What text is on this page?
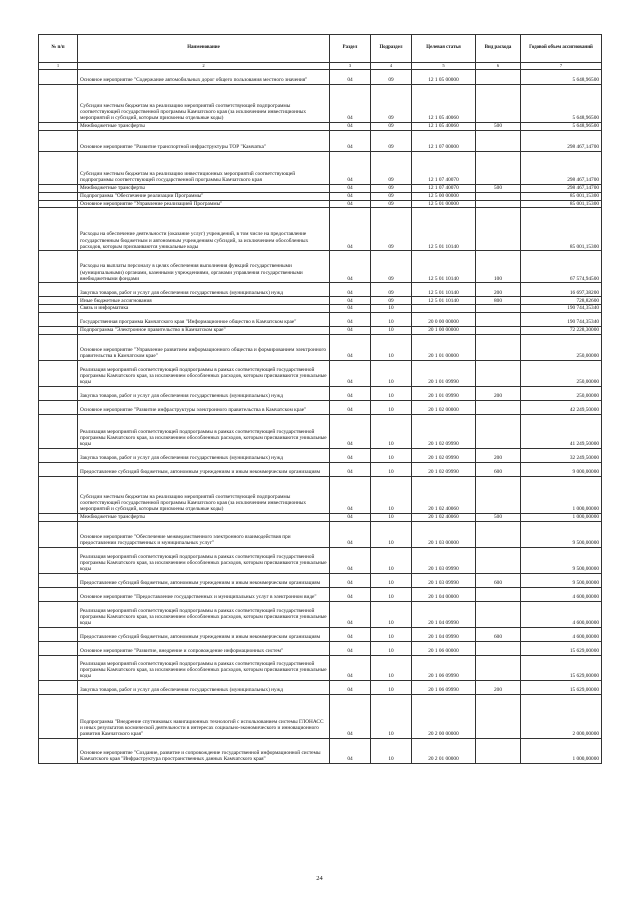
№ п/п	Наименование	Раздел	Подраздел	Целевая статья	Вид расхода	Годовой объем ассигнований
1	2	3	4	5	6	7
	Основное мероприятие "Содержание автомобильных дорог общего пользования местного значения"	04	09	12 1 05 00000		5 648,96500
	Субсидии местным бюджетам на реализацию мероприятий соответствующей подпрограммы соответствующей государственной программы Камчатского края (за исключением инвестиционных мероприятий и субсидий, которым присвоены отдельные коды)	04	09	12 1 05 40060		5 648,96500
	Межбюджетные трансферты	04	09	12 1 05 40060	500	5 648,96500
	Основное мероприятие "Развитие транспортной инфраструктуры ТОР "Камчатка"	04	09	12 1 07 00000		298 467,14700
	Субсидии местным бюджетам на реализацию инвестиционных мероприятий соответствующей подпрограммы соответствующей государственной программы Камчатского края	04	09	12 1 07 40070		298 467,14700
	Межбюджетные трансферты	04	09	12 1 07 40070	500	298 467,14700
	Подпрограмма "Обеспечение реализации Программы"	04	09	12 5 00 00000		85 001,15300
	Основное мероприятие "Управление реализацией Программы"	04	09	12 5 01 00000		85 001,15300
	Расходы на обеспечение деятельности (оказание услуг) учреждений, в том числе на предоставление государственным бюджетным и автономным учреждениям субсидий, за исключением обособленных расходов, которым присваиваются уникальные коды	04	09	12 5 01 10140		85 001,15300
	Расходы на выплаты персоналу в целях обеспечения выполнения функций государственными (муниципальными) органами, казенными учреждениями, органами управления государственными внебюджетными фондами	04	09	12 5 01 10140	100	67 574,94500
	Закупка товаров, работ и услуг для обеспечения государственных (муниципальных) нужд	04	09	12 5 01 10140	200	16 697,38200
	Иные бюджетные ассигнования	04	09	12 5 01 10140	800	728,82600
	Связь и информатика	04	10			190 744,35340
	Государственная программа Камчатского края "Информационное общество в Камчатском крае"	04	10	20 0 00 00000		190 744,35340
	Подпрограмма "Электронное правительство в Камчатском крае"	04	10	20 1 00 00000		72 228,30000
	Основное мероприятие "Управление развитием информационного общества и формированием электронного правительства в Камчатском крае"	04	10	20 1 01 00000		250,00000
	Реализация мероприятий соответствующей подпрограммы в рамках соответствующей государственной программы Камчатского края, за исключением обособленных расходов, которым присваиваются уникальные коды	04	10	20 1 01 09990		250,00000
	Закупка товаров, работ и услуг для обеспечения государственных (муниципальных) нужд	04	10	20 1 01 09990	200	250,00000
	Основное мероприятие "Развитие инфраструктуры электронного правительства в Камчатском крае"	04	10	20 1 02 00000		42 249,50000
	Реализация мероприятий соответствующей подпрограммы в рамках соответствующей государственной программы Камчатского края, за исключением обособленных расходов, которым присваиваются уникальные коды	04	10	20 1 02 09990		41 249,50000
	Закупка товаров, работ и услуг для обеспечения государственных (муниципальных) нужд	04	10	20 1 02 09990	200	32 249,50000
	Предоставление субсидий бюджетным, автономным учреждениям и иным некоммерческим организациям	04	10	20 1 02 09990	600	9 000,00000
	Субсидии местным бюджетам на реализацию мероприятий соответствующей подпрограммы соответствующей государственной программы Камчатского края (за исключением инвестиционных мероприятий и субсидий, которым присвоены отдельные коды)	04	10	20 1 02 40060		1 000,00000
	Межбюджетные трансферты	04	10	20 1 02 40060	500	1 000,00000
	Основное мероприятие "Обеспечение межведомственного электронного взаимодействия при предоставлении государственных и муниципальных услуг"	04	10	20 1 03 00000		9 500,00000
	Реализация мероприятий соответствующей подпрограммы в рамках соответствующей государственной программы Камчатского края, за исключением обособленных расходов, которым присваиваются уникальные коды	04	10	20 1 03 09990		9 500,00000
	Предоставление субсидий бюджетным, автономным учреждениям и иным некоммерческим организациям	04	10	20 1 03 09990	600	9 500,00000
	Основное мероприятие "Предоставление государственных и муниципальных услуг в электронном виде"	04	10	20 1 04 00000		4 600,00000
	Реализация мероприятий соответствующей подпрограммы в рамках соответствующей государственной программы Камчатского края, за исключением обособленных расходов, которым присваиваются уникальные коды	04	10	20 1 04 09990		4 600,00000
	Предоставление субсидий бюджетным, автономным учреждениям и иным некоммерческим организациям	04	10	20 1 04 09990	600	4 600,00000
	Основное мероприятие "Развитие, внедрение и сопровождение информационных систем"	04	10	20 1 06 00000		15 629,00000
	Реализация мероприятий соответствующей подпрограммы в рамках соответствующей государственной программы Камчатского края, за исключением обособленных расходов, которым присваиваются уникальные коды	04	10	20 1 06 09990		15 629,00000
	Закупка товаров, работ и услуг для обеспечения государственных (муниципальных) нужд	04	10	20 1 06 09990	200	15 629,00000
	Подпрограмма "Внедрение спутниковых навигационных технологий с использованием системы ГЛОНАСС и иных результатов космической деятельности в интересах социально-экономического и инновационного развития Камчатского края"	04	10	20 2 00 00000		2 000,00000
	Основное мероприятие "Создание, развитие и сопровождение государственной информационной системы Камчатского края "Инфраструктура пространственных данных Камчатского края"	04	10	20 2 01 00000		1 000,00000
24
